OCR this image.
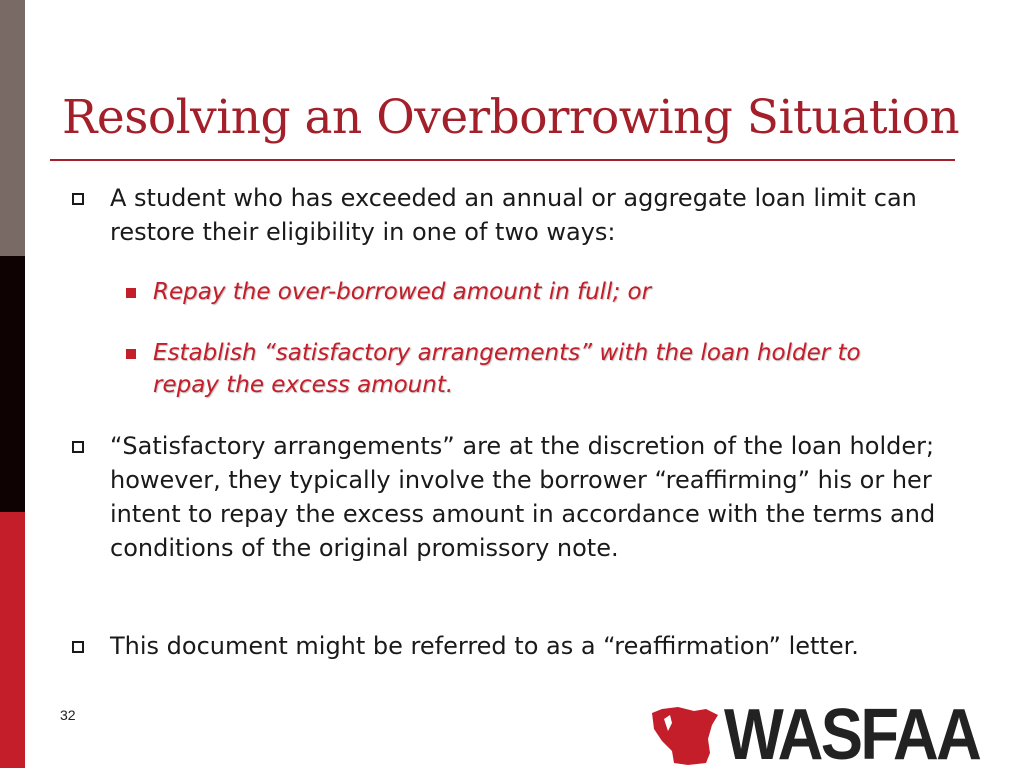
Resolving an Overborrowing Situation
A student who has exceeded an annual or aggregate loan limit can restore their eligibility in one of two ways:
Repay the over-borrowed amount in full; or
Establish “satisfactory arrangements” with the loan holder to repay the excess amount.
“Satisfactory arrangements” are at the discretion of the loan holder; however, they typically involve the borrower “reaffirming” his or her intent to repay the excess amount in accordance with the terms and conditions of the original promissory note.
This document might be referred to as a “reaffirmation” letter.
32	WASFAA
